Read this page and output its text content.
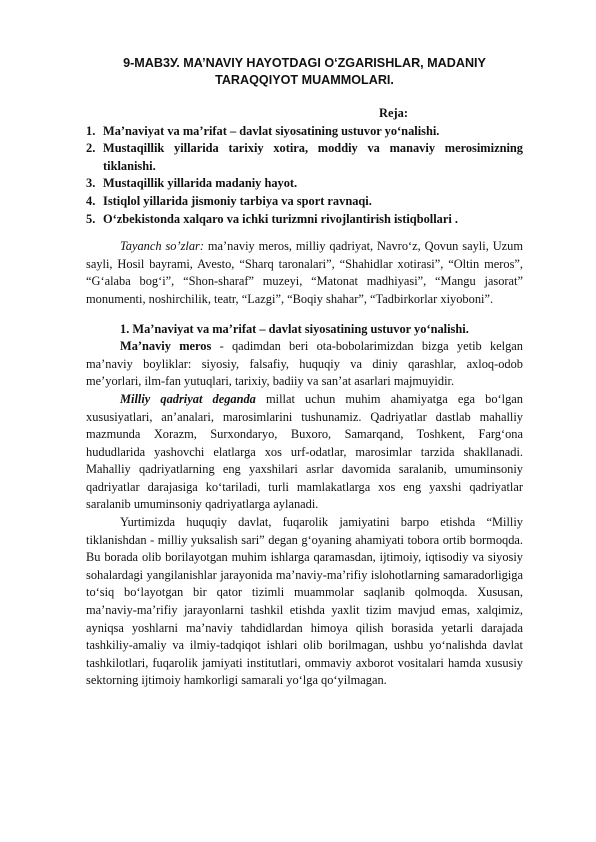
9-MAB3У. MA’NAVIY HAYOTDAGI O‘ZGARISHLAR, MADANIY TARAQQIYOT MUAMMOLARI.
Reja:
1. Ma’naviyat va ma’rifat – davlat siyosatining ustuvor yo‘nalishi.
2. Mustaqillik yillarida tarixiy xotira, moddiy va manaviy merosimizning tiklanishi.
3. Mustaqillik yillarida madaniy hayot.
4. Istiqlol yillarida jismoniy tarbiya va sport ravnaqi.
5. O‘zbekistonda xalqaro va ichki turizmni rivojlantirish istiqbollari .

Tayanch so’zlar: ma’naviy meros, milliy qadriyat, Navro‘z, Qovun sayli, Uzum sayli, Hosil bayrami, Avesto, “Sharq taronalari”, “Shahidlar xotirasi”, “Oltin meros”, “G‘alaba bog‘i”, “Shon-sharaf” muzeyi, “Matonat madhiyasi”, “Mangu jasorat” monumenti, noshirchilik, teatr, “Lazgi”, “Boqiy shahar”, “Tadbirkorlar xiyoboni”.

1. Ma’naviyat va ma’rifat – davlat siyosatining ustuvor yo‘nalishi.

Ma’naviy meros - qadimdan beri ota-bobolarimizdan bizga yetib kelgan ma’naviy boyliklar: siyosiy, falsafiy, huquqiy va diniy qarashlar, axloq-odob me’yorlari, ilm-fan yutuqlari, tarixiy, badiiy va san’at asarlari majmuyidir.

Milliy qadriyat deganda millat uchun muhim ahamiyatga ega bo‘lgan xususiyatlari, an’analari, marosimlarini tushunamiz. Qadriyatlar dastlab mahalliy mazmunda Xorazm, Surxondaryo, Buxoro, Samarqand, Toshkent, Farg‘ona hududlarida yashovchi elatlarga xos urf-odatlar, marosimlar tarzida shakllanadi. Mahalliy qadriyatlarning eng yaxshilari asrlar davomida saralanib, umuminsoniy qadriyatlar darajasiga ko‘tariladi, turli mamlakatlarga xos eng yaxshi qadriyatlar saralanib umuminsoniy qadriyatlarga aylanadi.

Yurtimizda huquqiy davlat, fuqarolik jamiyatini barpo etishda “Milliy tiklanishdan - milliy yuksalish sari” degan g‘oyaning ahamiyati tobora ortib bormoqda. Bu borada olib borilayotgan muhim ishlarga qaramasdan, ijtimoiy, iqtisodiy va siyosiy sohalardagi yangilanishlar jarayonida ma’naviy-ma’rifiy islohotlarning samaradorligiga to‘siq bo‘layotgan bir qator tizimli muammolar saqlanib qolmoqda. Xususan, ma’naviy-ma’rifiy jarayonlarni tashkil etishda yaxlit tizim mavjud emas, xalqimiz, ayniqsa yoshlarni ma’naviy tahdidlardan himoya qilish borasida yetarli darajada tashkiliy-amaliy va ilmiy-tadqiqot ishlari olib borilmagan, ushbu yo‘nalishda davlat tashkilotlari, fuqarolik jamiyati institutlari, ommaviy axborot vositalari hamda xususiy sektorning ijtimoiy hamkorligi samarali yo‘lga qo‘yilmagan.
